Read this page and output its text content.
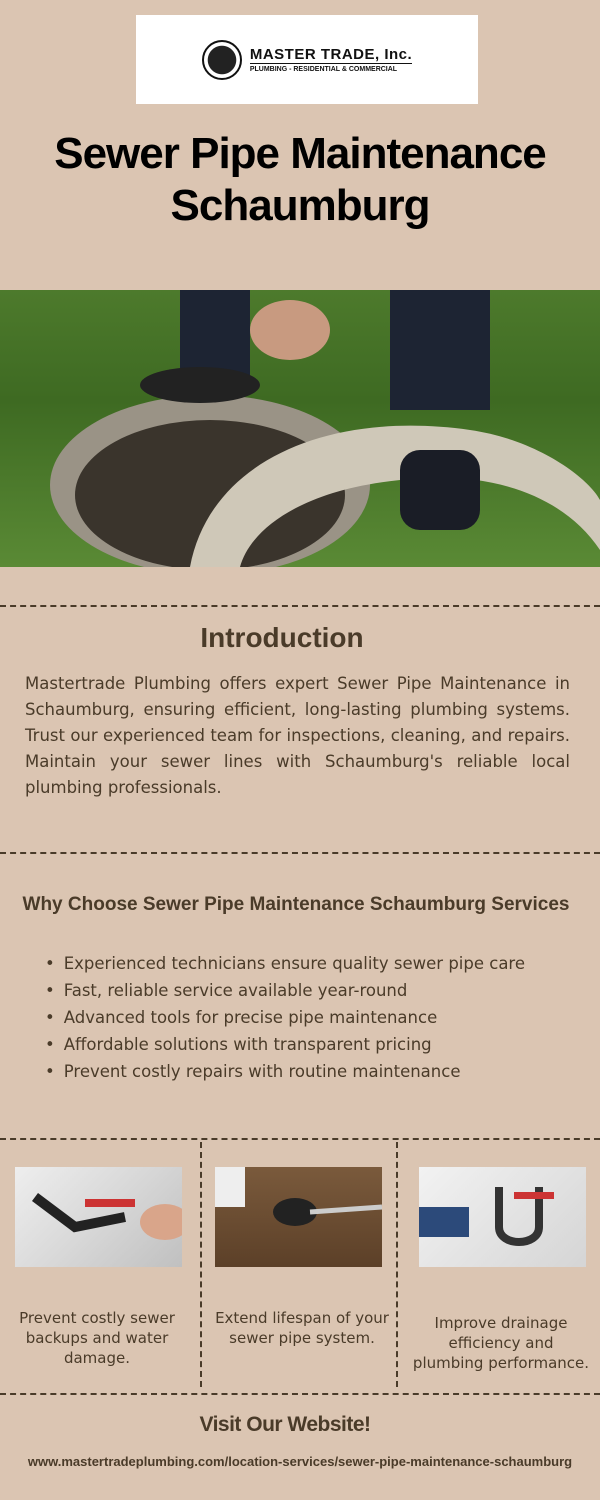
MASTER TRADE, Inc.
PLUMBING - RESIDENTIAL & COMMERCIAL
Sewer Pipe Maintenance
Schaumburg
Introduction

Mastertrade Plumbing offers expert Sewer Pipe Maintenance in Schaumburg, ensuring efficient, long-lasting plumbing systems. Trust our experienced team for inspections, cleaning, and repairs. Maintain your sewer lines with Schaumburg's reliable local plumbing professionals.

Why Choose Sewer Pipe Maintenance Schaumburg Services
• Experienced technicians ensure quality sewer pipe care
• Fast, reliable service available year-round
• Advanced tools for precise pipe maintenance
• Affordable solutions with transparent pricing
• Prevent costly repairs with routine maintenance

Prevent costly sewer backups and water damage.

Extend lifespan of your sewer pipe system.

Improve drainage efficiency and plumbing performance.

Visit Our Website!
www.mastertradeplumbing.com/location-services/sewer-pipe-maintenance-schaumburg
